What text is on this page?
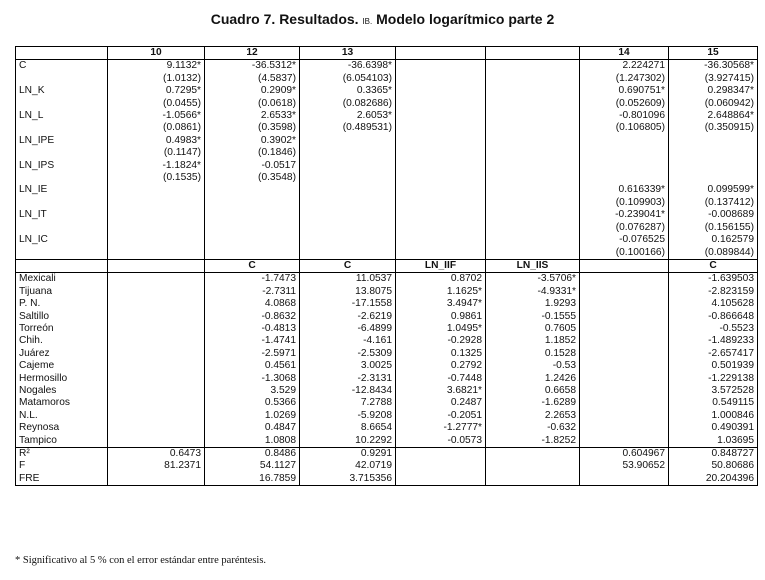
Cuadro 7. Resultados. IB. Modelo logarítmico parte 2
	10	12	13			14	15
C	9.1132*	-36.5312*	-36.6398*			2.224271	-36.30568*
	(1.0132)	(4.5837)	(6.054103)			(1.247302)	(3.927415)
LN_K	0.7295*	0.2909*	0.3365*			0.690751*	0.298347*
	(0.0455)	(0.0618)	(0.082686)			(0.052609)	(0.060942)
LN_L	-1.0566*	2.6533*	2.6053*			-0.801096	2.648864*
	(0.0861)	(0.3598)	(0.489531)			(0.106805)	(0.350915)
LN_IPE	0.4983*	0.3902*					
	(0.1147)	(0.1846)					
LN_IPS	-1.1824*	-0.0517					
	(0.1535)	(0.3548)					
LN_IE						0.616339*	0.099599*
						(0.109903)	(0.137412)
LN_IT						-0.239041*	-0.008689
						(0.076287)	(0.156155)
LN_IC						-0.076525	0.162579
						(0.100166)	(0.089844)
		C	C	LN_IIF	LN_IIS		C
Mexicali		-1.7473	11.0537	0.8702	-3.5706*		-1.639503
Tijuana		-2.7311	13.8075	1.1625*	-4.9331*		-2.823159
P. N.		4.0868	-17.1558	3.4947*	1.9293		4.105628
Saltillo		-0.8632	-2.6219	0.9861	-0.1555		-0.866648
Torreón		-0.4813	-6.4899	1.0495*	0.7605		-0.5523
Chih.		-1.4741	-4.161	-0.2928	1.1852		-1.489233
Juárez		-2.5971	-2.5309	0.1325	0.1528		-2.657417
Cajeme		0.4561	3.0025	0.2792	-0.53		0.501939
Hermosillo		-1.3068	-2.3131	-0.7448	1.2426		-1.229138
Nogales		3.529	-12.8434	3.6821*	0.6658		3.572528
Matamoros		0.5366	7.2788	0.2487	-1.6289		0.549115
N.L.		1.0269	-5.9208	-0.2051	2.2653		1.000846
Reynosa		0.4847	8.6654	-1.2777*	-0.632		0.490391
Tampico		1.0808	10.2292	-0.0573	-1.8252		1.03695
R²	0.6473	0.8486	0.9291			0.604967	0.848727
F	81.2371	54.1127	42.0719			53.90652	50.80686
FRE		16.7859	3.715356				20.204396
* Significativo al 5 % con el error estándar entre paréntesis.
